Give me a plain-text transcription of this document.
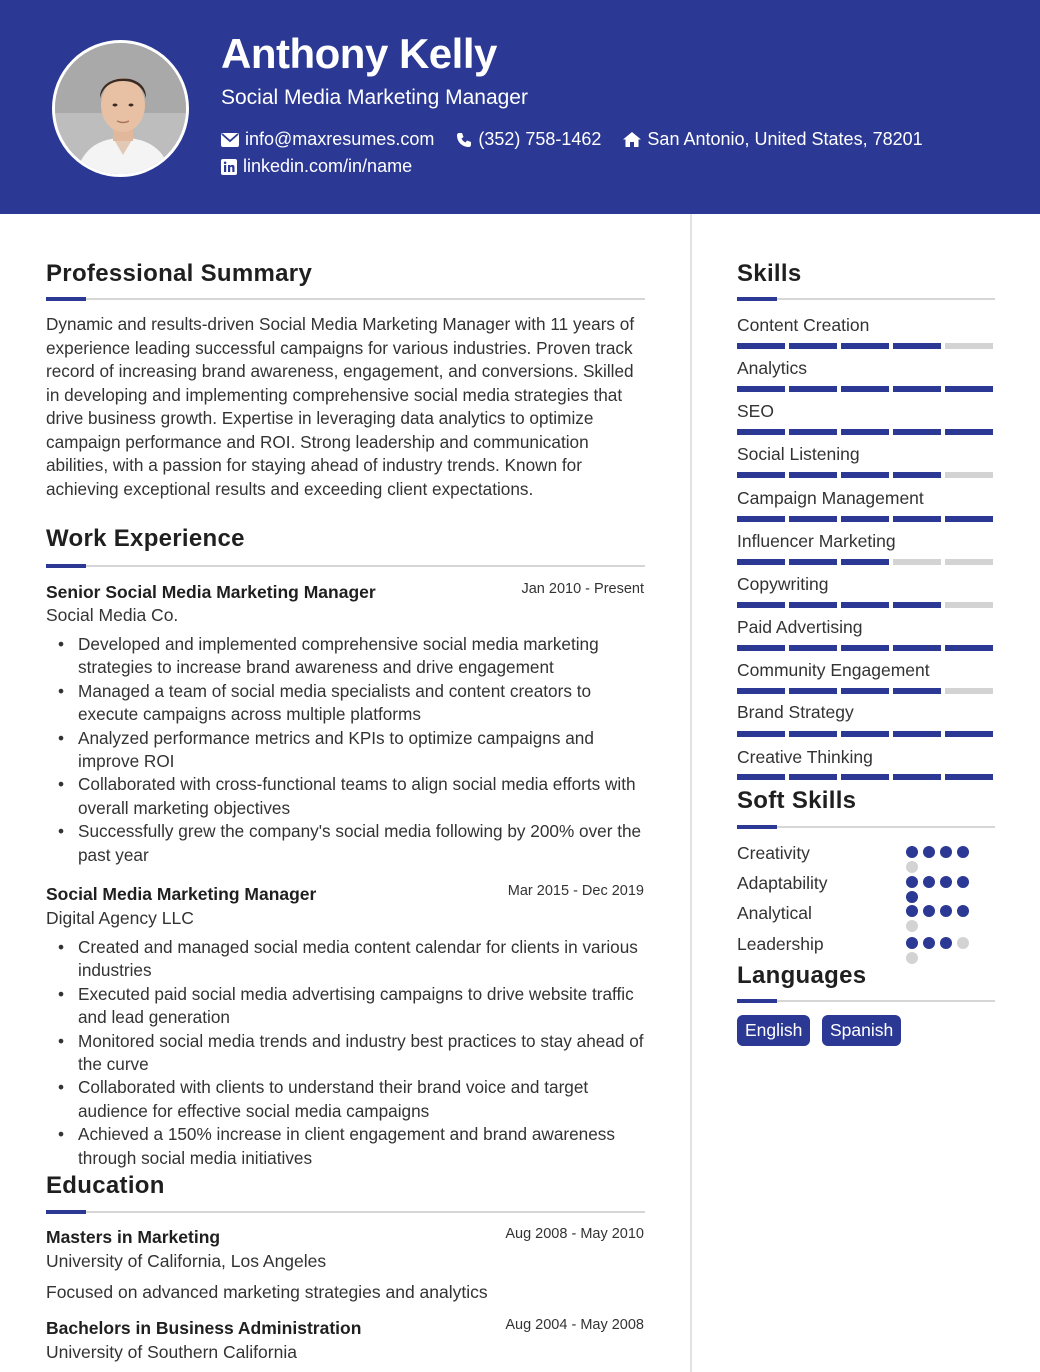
Anthony Kelly
Social Media Marketing Manager
info@maxresumes.com (352) 758-1462	San Antonio, United States, 78201
linkedin.com/in/name
Professional Summary
Dynamic and results-driven Social Media Marketing Manager with 11 years of experience leading successful campaigns for various industries. Proven track record of increasing brand awareness, engagement, and conversions. Skilled in developing and implementing comprehensive social media strategies that drive business growth. Expertise in leveraging data analytics to optimize campaign performance and ROI. Strong leadership and communication abilities, with a passion for staying ahead of industry trends. Known for achieving exceptional results and exceeding client expectations.
Work Experience
Senior Social Media Marketing Manager	Jan 2010 - Present
Social Media Co.
• Developed and implemented comprehensive social media marketing strategies to increase brand awareness and drive engagement
• Managed a team of social media specialists and content creators to execute campaigns across multiple platforms
• Analyzed performance metrics and KPIs to optimize campaigns and improve ROI
• Collaborated with cross-functional teams to align social media efforts with overall marketing objectives
• Successfully grew the company's social media following by 200% over the past year
Social Media Marketing Manager	Mar 2015 - Dec 2019
Digital Agency LLC
• Created and managed social media content calendar for clients in various industries
• Executed paid social media advertising campaigns to drive website traffic and lead generation
• Monitored social media trends and industry best practices to stay ahead of the curve
• Collaborated with clients to understand their brand voice and target audience for effective social media campaigns
• Achieved a 150% increase in client engagement and brand awareness through social media initiatives
Education
Masters in Marketing	Aug 2008 - May 2010
University of California, Los Angeles
Focused on advanced marketing strategies and analytics
Bachelors in Business Administration	Aug 2004 - May 2008
University of Southern California
Skills
Content Creation
Analytics
SEO
Social Listening
Campaign Management
Influencer Marketing
Copywriting
Paid Advertising
Community Engagement
Brand Strategy
Creative Thinking
Soft Skills
Creativity
Adaptability
Analytical
Leadership
Languages
English	Spanish
